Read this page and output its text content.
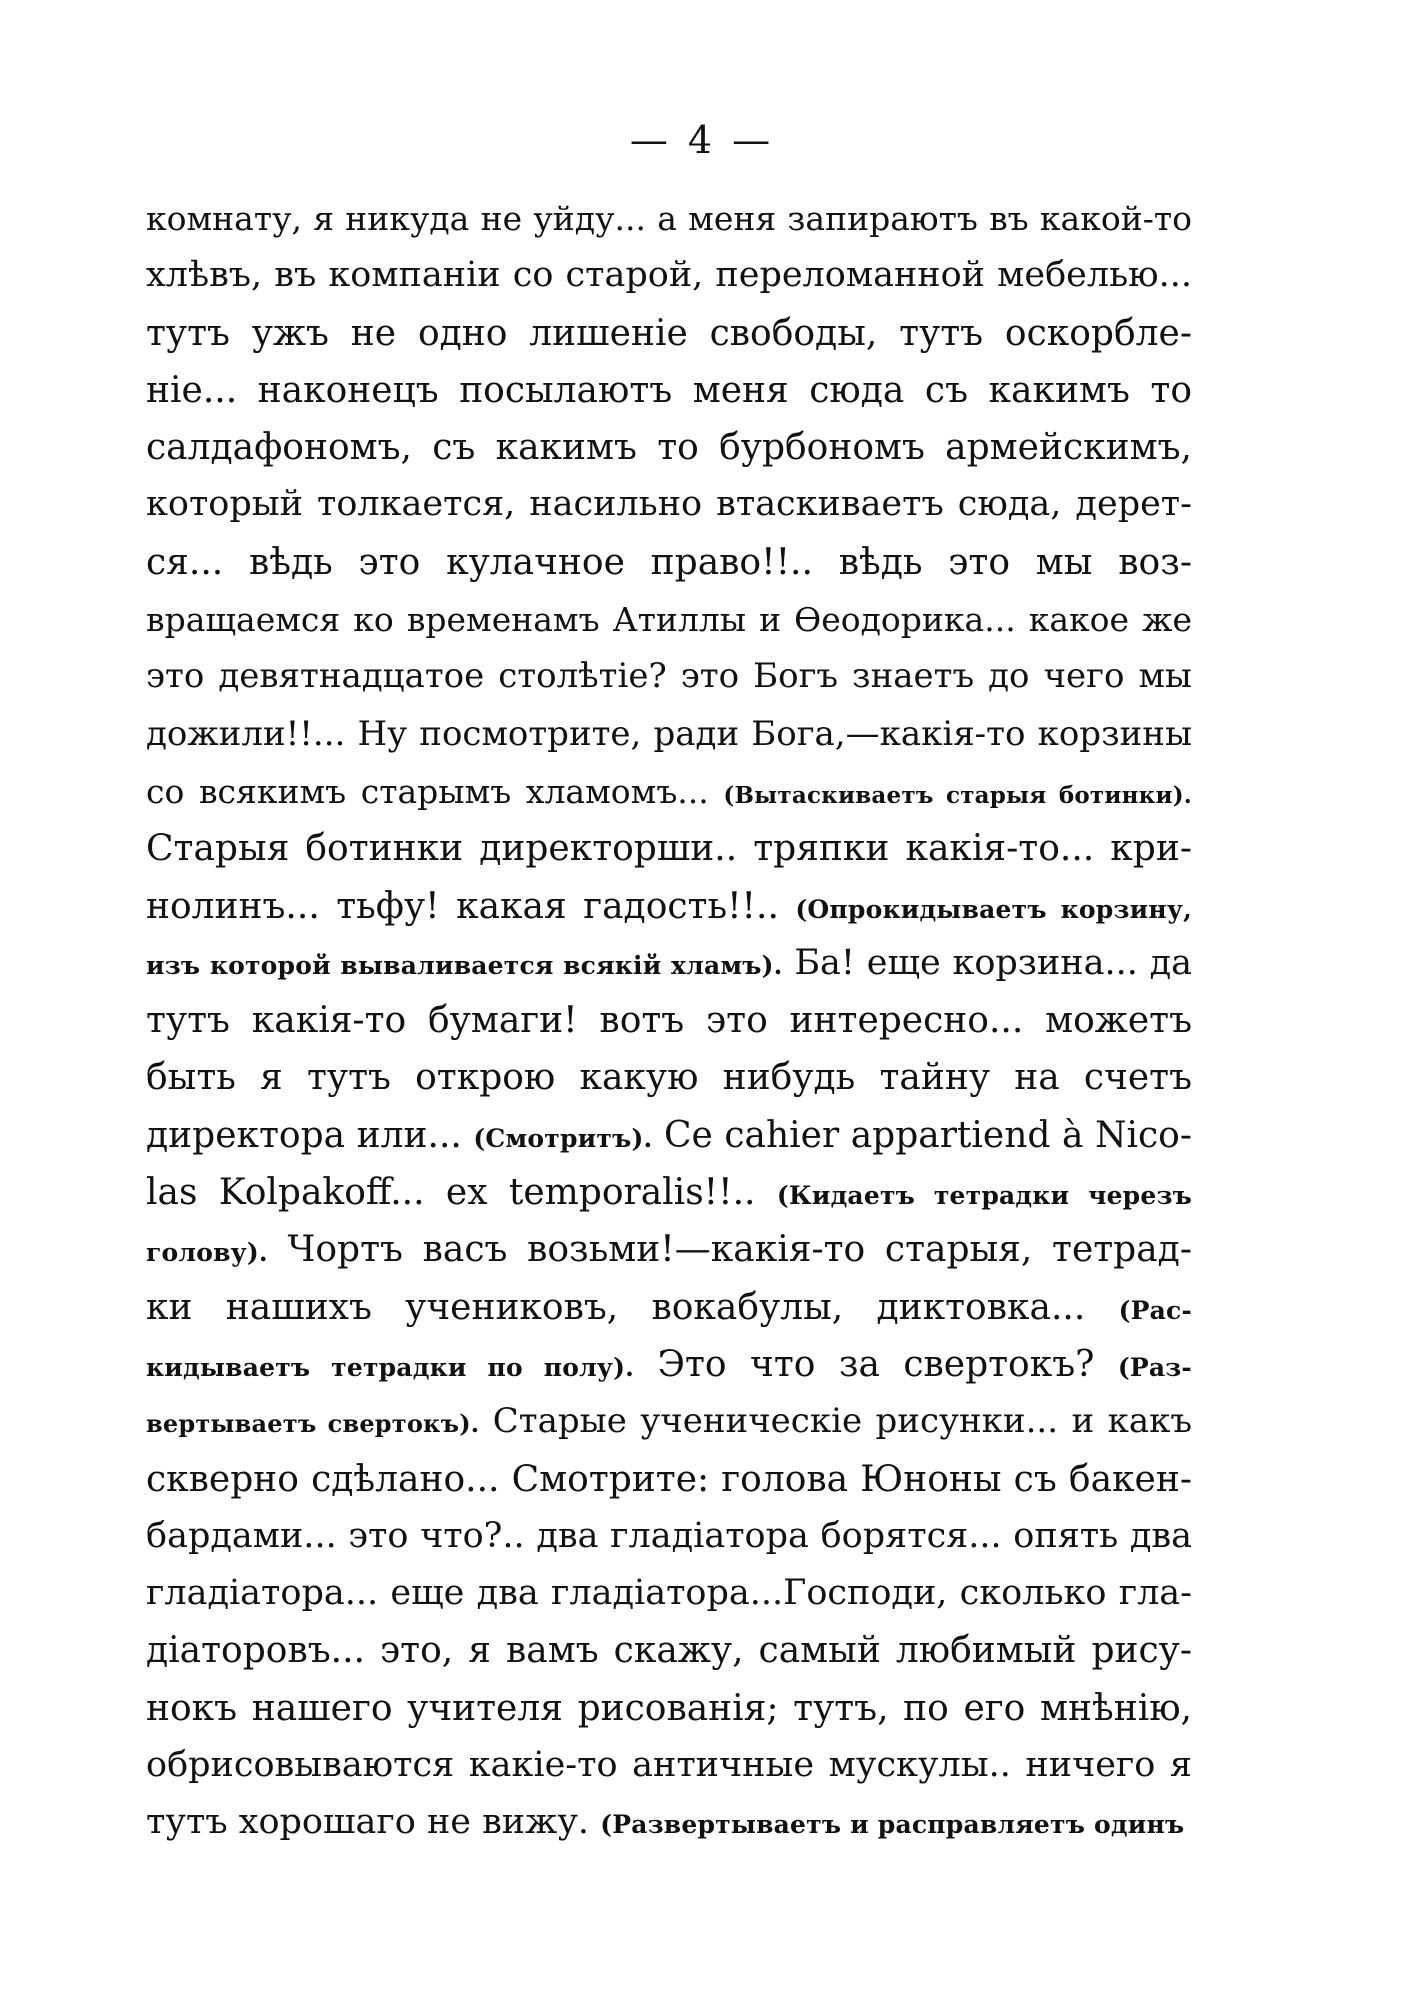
— 4 —
комнату, я никуда не уйду... а меня запираютъ въ какой-то
хлѣвъ, въ компаніи со старой, переломанной мебелью...
тутъ ужъ не одно лишеніе свободы, тутъ оскорбле-
ніе... наконецъ посылаютъ меня сюда съ какимъ то
салдафономъ, съ какимъ то бурбономъ армейскимъ,
который толкается, насильно втаскиваетъ сюда, дерет-
ся... вѣдь это кулачное право!!.. вѣдь это мы воз-
вращаемся ко временамъ Атиллы и Ѳеодорика... какое же
это девятнадцатое столѣтіе? это Богъ знаетъ до чего мы
дожили!!... Ну посмотрите, ради Бога,—какія-то корзины
со всякимъ старымъ хламомъ... (Вытаскиваетъ старыя ботинки).
Старыя ботинки директорши.. тряпки какія-то... кри-
нолинъ... тьфу! какая гадость!!.. (Опрокидываетъ корзину,
изъ которой вываливается всякій хламъ). Ба! еще корзина... да
тутъ какія-то бумаги! вотъ это интересно... можетъ
быть я тутъ открою какую нибудь тайну на счетъ
директора или... (Смотритъ). Ce cahier appartiend à Nico-
las Kolpakoff... ex temporalis!!.. (Кидаетъ тетрадки черезъ
голову). Чортъ васъ возьми!—какія-то старыя, тетрад-
ки нашихъ учениковъ, вокабулы, диктовка... (Рас-
кидываетъ тетрадки по полу). Это что за свертокъ? (Раз-
вертываетъ свертокъ). Старые ученическіе рисунки... и какъ
скверно сдѣлано... Смотрите: голова Юноны съ бакен-
бардами... это что?.. два гладіатора борятся... опять два
гладіатора... еще два гладіатора...Господи, сколько гла-
діаторовъ... это, я вамъ скажу, самый любимый рису-
нокъ нашего учителя рисованія; тутъ, по его мнѣнію,
обрисовываются какіе-то античные мускулы.. ничего я
тутъ хорошаго не вижу. (Развертываетъ и расправляетъ одинъ
